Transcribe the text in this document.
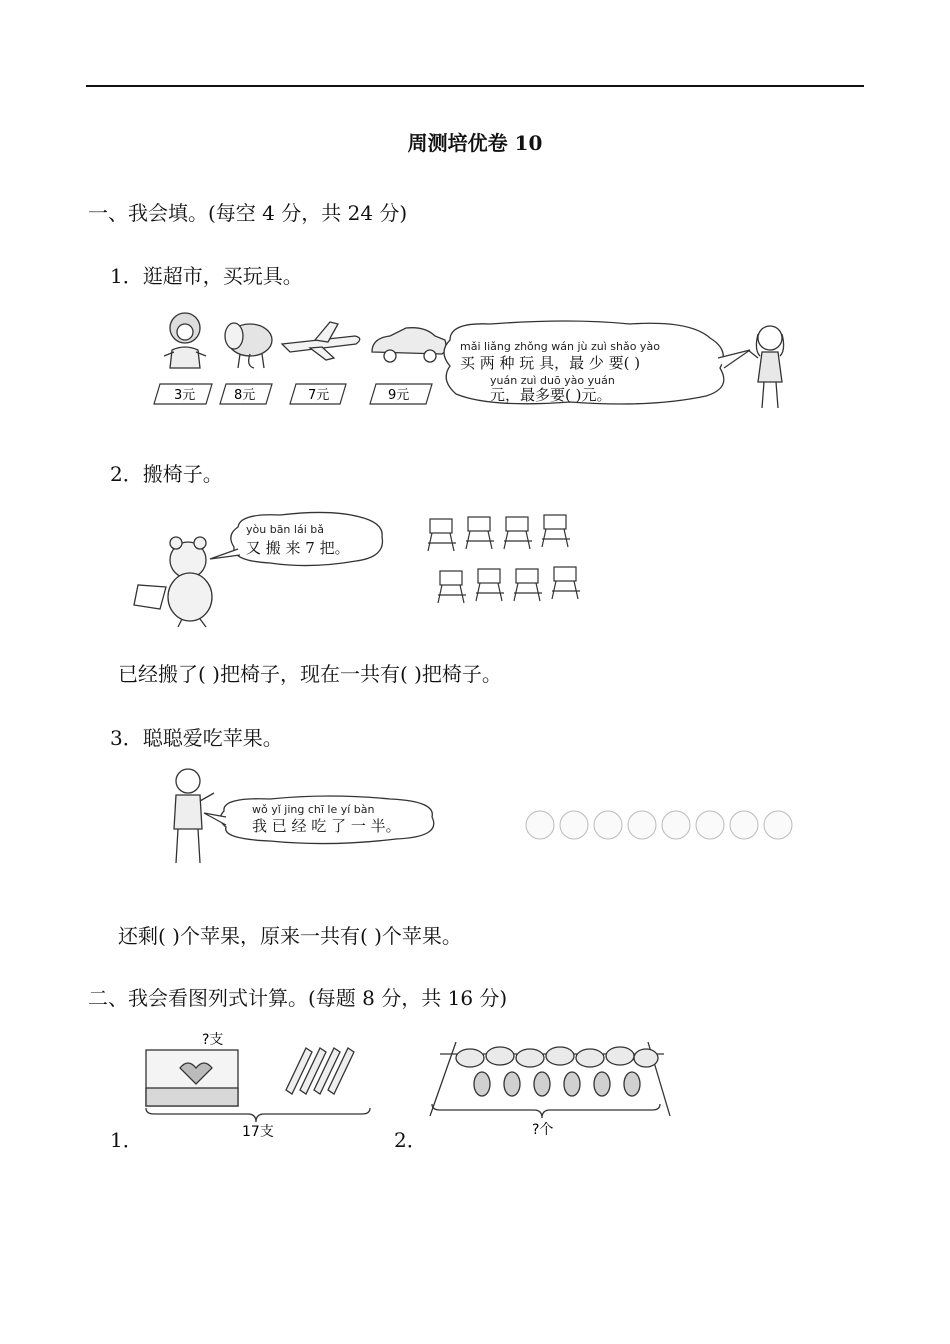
周测培优卷 10
一、我会填。(每空 4 分，共 24 分)
1．逛超市，买玩具。
3元	8元	7元	9元
mǎi liǎng zhǒng wán jù zuì shǎo yào
买 两 种 玩 具，最 少 要( )
yuán zuì duō yào yuán
元，最多要( )元。
2．搬椅子。
yòu bān lái bǎ
又 搬 来 7 把。
已经搬了( )把椅子，现在一共有( )把椅子。
3．聪聪爱吃苹果。
wǒ yǐ jing chī le yí bàn
我 已 经 吃 了 一 半。
还剩( )个苹果，原来一共有( )个苹果。
二、我会看图列式计算。(每题 8 分，共 16 分)
?支
17支
1．	?个
2．
